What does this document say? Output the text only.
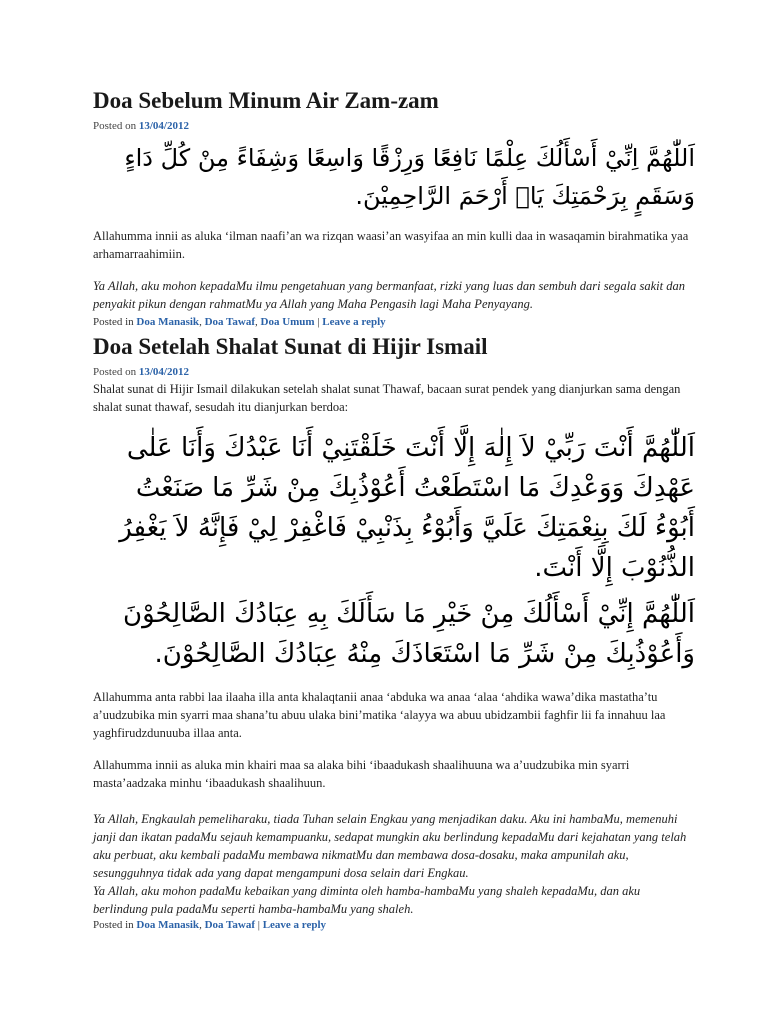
Doa Sebelum Minum Air Zam-zam

Posted on 13/04/2012

اَللّٰهُمَّ اِنِّيْ أَسْأَلُكَ عِلْمًا نَافِعًا وَرِزْقًا وَاسِعًا وَشِفَاءً مِنْ كُلِّ دَاءٍ وَسَقَمٍ بِرَحْمَتِكَ يَاۤ أَرْحَمَ الرَّاحِمِيْنَ.

Allahumma innii as aluka ‘ilman naafi’an wa rizqan waasi’an wasyifaa an min kulli daa in wasaqamin birahmatika yaa arhamarraahimiin.

Ya Allah, aku mohon kepadaMu ilmu pengetahuan yang bermanfaat, rizki yang luas dan sembuh dari segala sakit dan penyakit pikun dengan rahmatMu ya Allah yang Maha Pengasih lagi Maha Penyayang.

Posted in Doa Manasik, Doa Tawaf, Doa Umum | Leave a reply

Doa Setelah Shalat Sunat di Hijir Ismail

Posted on 13/04/2012

Shalat sunat di Hijir Ismail dilakukan setelah shalat sunat Thawaf, bacaan surat pendek yang dianjurkan sama dengan shalat sunat thawaf, sesudah itu dianjurkan berdoa:

اَللّٰهُمَّ أَنْتَ رَبِّيْ لاَ إِلٰهَ إِلَّا أَنْتَ خَلَقْتَنِيْ أَنَا عَبْدُكَ وَأَنَا عَلٰى عَهْدِكَ وَوَعْدِكَ مَا اسْتَطَعْتُ أَعُوْذُبِكَ مِنْ شَرِّ مَا صَنَعْتُ أَبُوْءُ لَكَ بِنِعْمَتِكَ عَلَيَّ وَأَبُوْءُ بِذَنْبِيْ فَاغْفِرْ لِيْ فَإِنَّهُ لاَ يَغْفِرُ الذُّنُوْبَ إِلَّا أَنْتَ.

اَللّٰهُمَّ إِنِّيْ أَسْأَلُكَ مِنْ خَيْرِ مَا سَأَلَكَ بِهِ عِبَادُكَ الصَّالِحُوْنَ وَأَعُوْذُبِكَ مِنْ شَرِّ مَا اسْتَعَاذَكَ مِنْهُ عِبَادُكَ الصَّالِحُوْنَ.

Allahumma anta rabbi laa ilaaha illa anta khalaqtanii anaa ‘abduka wa anaa ‘alaa ‘ahdika wawa’dika mastatha’tu a’uudzubika min syarri maa shana’tu abuu ulaka bini’matika ‘alayya wa abuu ubidzambii faghfir lii fa innahuu laa yaghfirudzdunuuba illaa anta.

Allahumma innii as aluka min khairi maa sa alaka bihi ‘ibaadukash shaalihuuna wa a’uudzubika min syarri masta’aadzaka minhu ‘ibaadukash shaalihuun.

Ya Allah, Engkaulah pemeliharaku, tiada Tuhan selain Engkau yang menjadikan daku. Aku ini hambaMu, memenuhi janji dan ikatan padaMu sejauh kemampuanku, sedapat mungkin aku berlindung kepadaMu dari kejahatan yang telah aku perbuat, aku kembali padaMu membawa nikmatMu dan membawa dosa-dosaku, maka ampunilah aku, sesungguhnya tidak ada yang dapat mengampuni dosa selain dari Engkau.

Ya Allah, aku mohon padaMu kebaikan yang diminta oleh hamba-hambaMu yang shaleh kepadaMu, dan aku berlindung pula padaMu seperti hamba-hambaMu yang shaleh.

Posted in Doa Manasik, Doa Tawaf | Leave a reply
